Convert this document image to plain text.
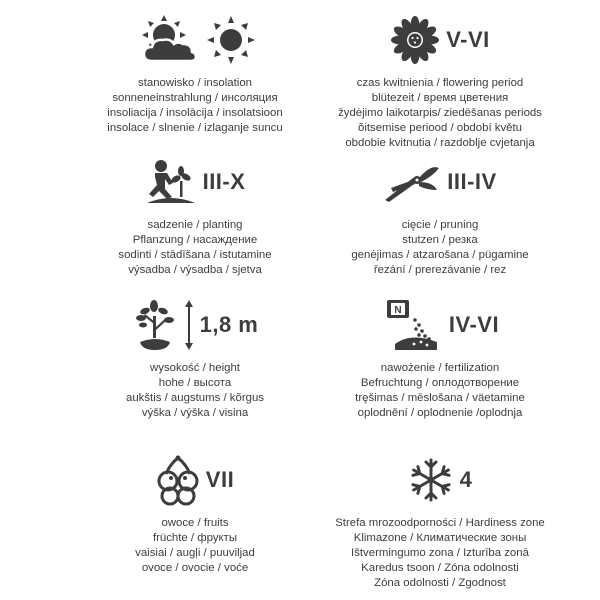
stanowisko / insolation
sonneneinstrahlung / инсоляция
insoliacija / insolācija / insolatsioon
insolace / slnenie / izlaganje suncu
V-VI
czas kwitnienia / flowering period
blütezeit / время цветения
žydėjimo laikotarpis/ ziedēšanas periods
õitsemise periood / období květu
obdobie kvitnutia / razdoblje cvjetanja
III-X
sadzenie / planting
Pflanzung / насаждение
sodinti / stādīšana / istutamine
výsadba / výsadba / sjetva
III-IV
cięcie / pruning
stutzen / резка
genėjimas / atzarošana / pügamine
řezání / prerezávanie / rez
1,8 m
wysokość / height
hohe / высота
aukštis / augstums / kõrgus
výška / výška / visina
N
IV-VI
nawożenie / fertilization
Befruchtung / оплодотворение
tręšimas / mēslošana / väetamine
oplodnění / oplodnenie /oplodnja
VII
owoce / fruits
früchte / фрукты
vaisiai / augļi / puuviljad
ovoce / ovocie / voće
4
Strefa mrozoodporności / Hardiness zone
Klimazone / Климатические зоны
Ištvermingumo zona / Izturība zonā
Karedus tsoon / Zóna odolnosti
Zóna odolnosti / Zgodnost
